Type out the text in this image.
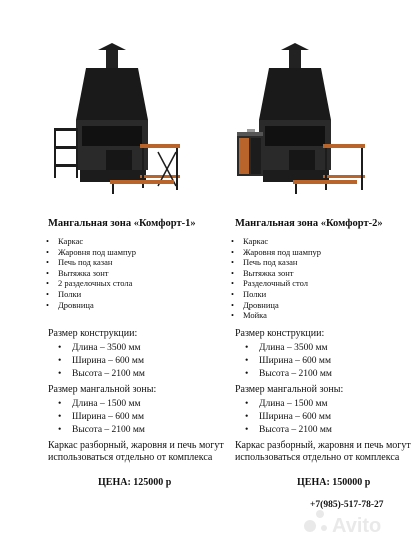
Мангальная зона «Комфорт-1»
• Каркас
• Жаровня под шампур
• Печь под казан
• Вытяжка зонт
• 2 разделочных стола
• Полки
• Дровница
Размер конструкции:
• Длина – 3500 мм
• Ширина – 600 мм
• Высота – 2100 мм
Размер мангальной зоны:
• Длина – 1500 мм
• Ширина – 600 мм
• Высота – 2100 мм
Каркас разборный, жаровня и печь могут использоваться отдельно от комплекса
ЦЕНА: 125000 р
Мангальная зона «Комфорт-2»
• Каркас
• Жаровня под шампур
• Печь под казан
• Вытяжка зонт
• Разделочный стол
• Полки
• Дровница
• Мойка
Размер конструкции:
• Длина – 3500 мм
• Ширина – 600 мм
• Высота – 2100 мм
Размер мангальной зоны:
• Длина – 1500 мм
• Ширина – 600 мм
• Высота – 2100 мм
Каркас разборный, жаровня и печь могут использоваться отдельно от комплекса
ЦЕНА: 150000 р
Avito
+7(985)-517-78-27
